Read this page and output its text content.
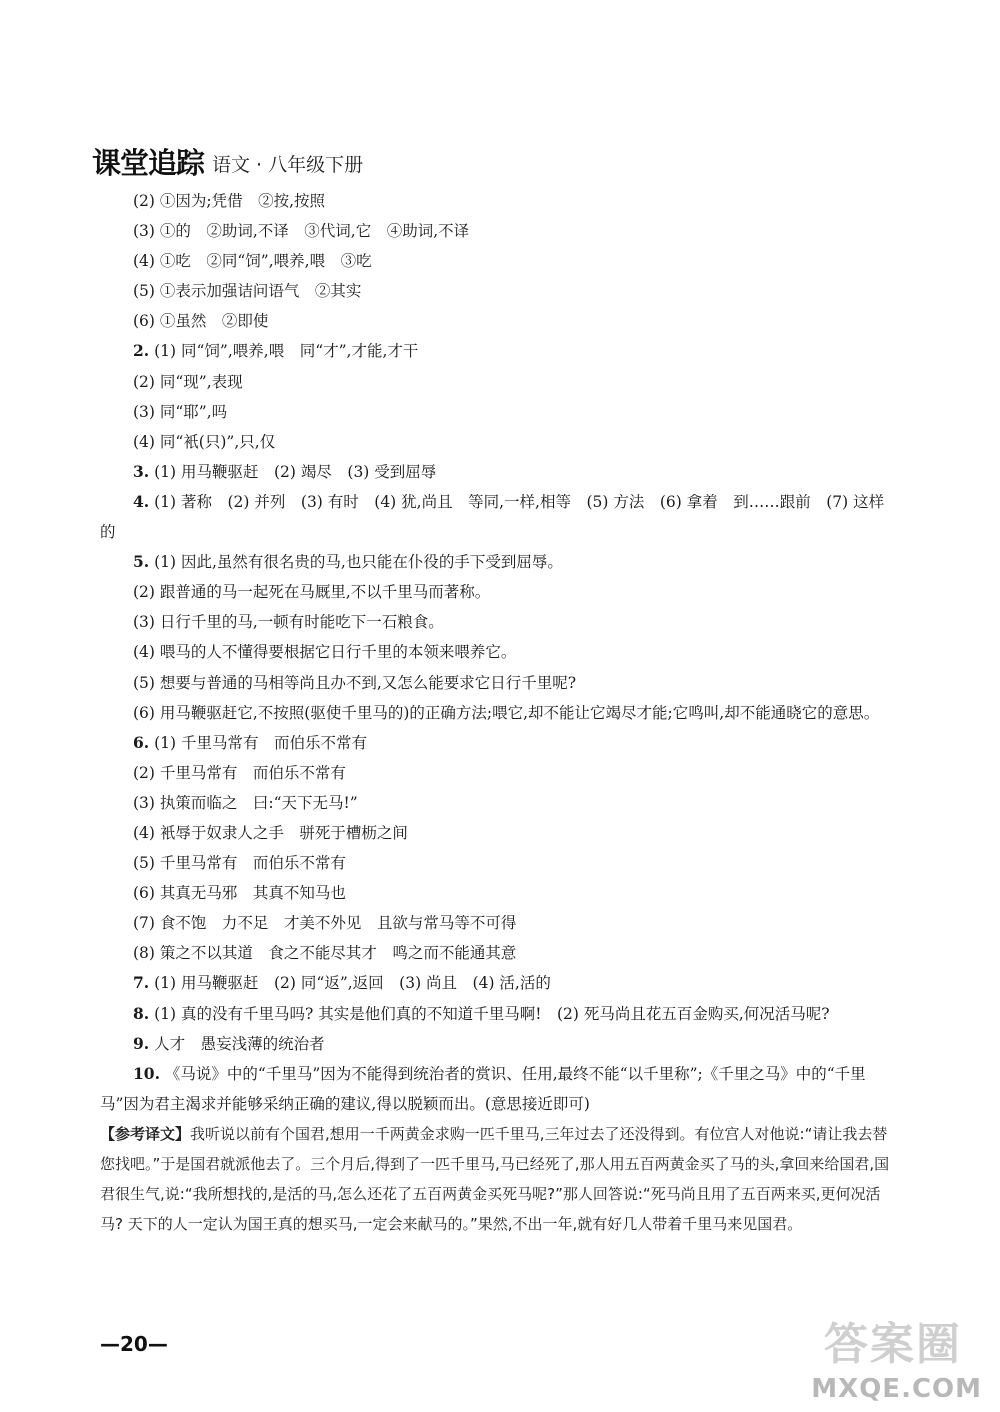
课堂追踪 语文 · 八年级下册
(2) ①因为;凭借　②按,按照
(3) ①的　②助词,不译　③代词,它　④助词,不译
(4) ①吃　②同“饲”,喂养,喂　③吃
(5) ①表示加强诘问语气　②其实
(6) ①虽然　②即使
2. (1) 同“饲”,喂养,喂　同“才”,才能,才干
(2) 同“现”,表现
(3) 同“耶”,吗
(4) 同“衹(只)”,只,仅
3. (1) 用马鞭驱赶　(2) 竭尽　(3) 受到屈辱
4. (1) 著称　(2) 并列　(3) 有时　(4) 犹,尚且　等同,一样,相等　(5) 方法　(6) 拿着　到……跟前　(7) 这样的
5. (1) 因此,虽然有很名贵的马,也只能在仆役的手下受到屈辱。
(2) 跟普通的马一起死在马厩里,不以千里马而著称。
(3) 日行千里的马,一顿有时能吃下一石粮食。
(4) 喂马的人不懂得要根据它日行千里的本领来喂养它。
(5) 想要与普通的马相等尚且办不到,又怎么能要求它日行千里呢?
(6) 用马鞭驱赶它,不按照(驱使千里马的)的正确方法;喂它,却不能让它竭尽才能;它鸣叫,却不能通晓它的意思。
6. (1) 千里马常有　而伯乐不常有
(2) 千里马常有　而伯乐不常有
(3) 执策而临之　曰:“天下无马!”
(4) 衹辱于奴隶人之手　骈死于槽枥之间
(5) 千里马常有　而伯乐不常有
(6) 其真无马邪　其真不知马也
(7) 食不饱　力不足　才美不外见　且欲与常马等不可得
(8) 策之不以其道　食之不能尽其才　鸣之而不能通其意
7. (1) 用马鞭驱赶　(2) 同“返”,返回　(3) 尚且　(4) 活,活的
8. (1) 真的没有千里马吗? 其实是他们真的不知道千里马啊!　(2) 死马尚且花五百金购买,何况活马呢?
9. 人才　愚妄浅薄的统治者
10. 《马说》中的“千里马”因为不能得到统治者的赏识、任用,最终不能“以千里称”;《千里之马》中的“千里马”因为君主渴求并能够采纳正确的建议,得以脱颖而出。(意思接近即可)
【参考译文】我听说以前有个国君,想用一千两黄金求购一匹千里马,三年过去了还没得到。有位宫人对他说:“请让我去替您找吧。”于是国君就派他去了。三个月后,得到了一匹千里马,马已经死了,那人用五百两黄金买了马的头,拿回来给国君,国君很生气,说:“我所想找的,是活的马,怎么还花了五百两黄金买死马呢?”那人回答说:“死马尚且用了五百两来买,更何况活马? 天下的人一定认为国王真的想买马,一定会来献马的。”果然,不出一年,就有好几人带着千里马来见国君。
—20—	答案圈
MXQE.COM
